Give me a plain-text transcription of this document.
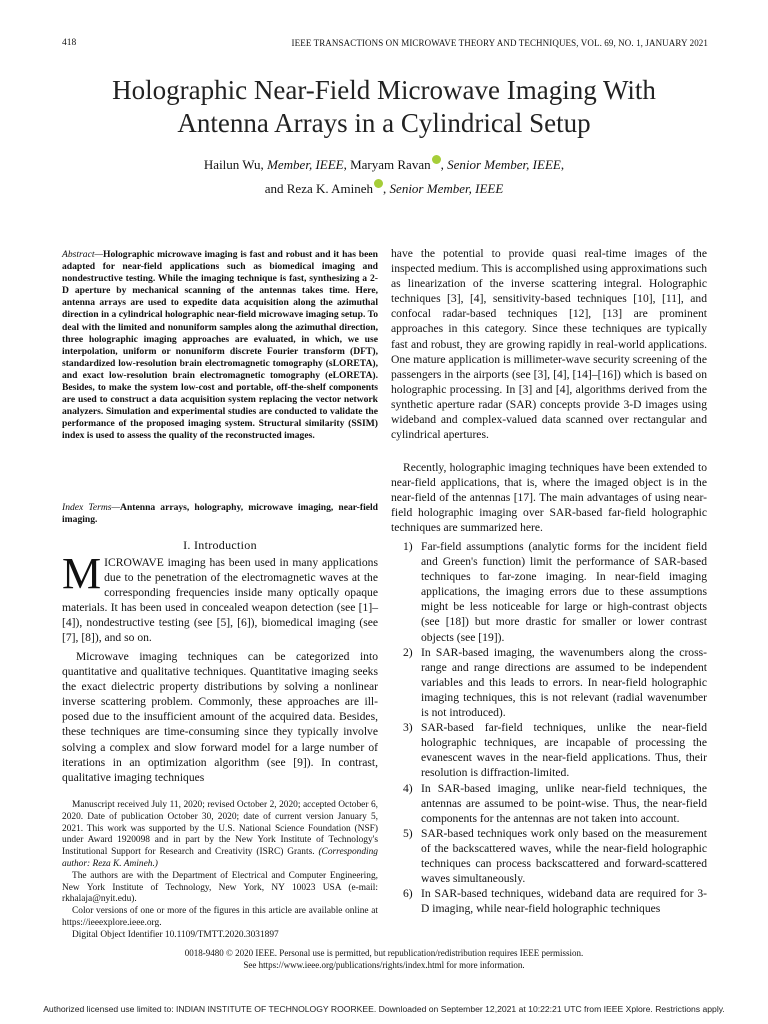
418	IEEE TRANSACTIONS ON MICROWAVE THEORY AND TECHNIQUES, VOL. 69, NO. 1, JANUARY 2021
Holographic Near-Field Microwave Imaging With
Antenna Arrays in a Cylindrical Setup
Hailun Wu, Member, IEEE, Maryam Ravan , Senior Member, IEEE,
and Reza K. Amineh , Senior Member, IEEE
Abstract—Holographic microwave imaging is fast and robust and it has been adapted for near-field applications such as biomedical imaging and nondestructive testing. While the imaging technique is fast, synthesizing a 2-D aperture by mechanical scanning of the antennas takes time. Here, antenna arrays are used to expedite data acquisition along the azimuthal direction in a cylindrical holographic near-field microwave imaging setup. To deal with the limited and nonuniform samples along the azimuthal direction, three holographic imaging approaches are evaluated, in which, we use interpolation, uniform or nonuniform discrete Fourier transform (DFT), standardized low-resolution brain electromagnetic tomography (sLORETA), and exact low-resolution brain electromagnetic tomography (eLORETA). Besides, to make the system low-cost and portable, off-the-shelf components are used to construct a data acquisition system replacing the vector network analyzers. Simulation and experimental studies are conducted to validate the performance of the proposed imaging system. Structural similarity (SSIM) index is used to assess the quality of the reconstructed images.
Index Terms—Antenna arrays, holography, microwave imaging, near-field imaging.
I. Introduction
MICROWAVE imaging has been used in many applications due to the penetration of the electromagnetic waves at the corresponding frequencies inside many optically opaque materials. It has been used in concealed weapon detection (see [1]–[4]), nondestructive testing (see [5], [6]), biomedical imaging (see [7], [8]), and so on.
Microwave imaging techniques can be categorized into quantitative and qualitative techniques. Quantitative imaging seeks the exact dielectric property distributions by solving a nonlinear inverse scattering problem. Commonly, these approaches are ill-posed due to the insufficient amount of the acquired data. Besides, these techniques are time-consuming since they typically involve solving a complex and slow forward model for a large number of iterations in an optimization algorithm (see [9]). In contrast, qualitative imaging techniques

Manuscript received July 11, 2020; revised October 2, 2020; accepted October 6, 2020. Date of publication October 30, 2020; date of current version January 5, 2021. This work was supported by the U.S. National Science Foundation (NSF) under Award 1920098 and in part by the New York Institute of Technology's Institutional Support for Research and Creativity (ISRC) Grants. (Corresponding author: Reza K. Amineh.)

The authors are with the Department of Electrical and Computer Engineering, New York Institute of Technology, New York, NY 10023 USA (e-mail: rkhalaja@nyit.edu).

Color versions of one or more of the figures in this article are available online at https://ieeexplore.ieee.org.

Digital Object Identifier 10.1109/TMTT.2020.3031897

have the potential to provide quasi real-time images of the inspected medium. This is accomplished using approximations such as linearization of the inverse scattering integral. Holographic techniques [3], [4], sensitivity-based techniques [10], [11], and confocal radar-based techniques [12], [13] are prominent approaches in this category. Since these techniques are typically fast and robust, they are growing rapidly in real-world applications. One mature application is millimeter-wave security screening of the passengers in the airports (see [3], [4], [14]–[16]) which is based on holographic processing. In [3] and [4], algorithms derived from the synthetic aperture radar (SAR) concepts provide 3-D images using wideband and complex-valued data scanned over rectangular and cylindrical apertures.
Recently, holographic imaging techniques have been extended to near-field applications, that is, where the imaged object is in the near-field of the antennas [17]. The main advantages of using near-field holographic imaging over SAR-based far-field holographic techniques are summarized here.

1) Far-field assumptions (analytic forms for the incident field and Green's function) limit the performance of SAR-based techniques to far-zone imaging. In near-field imaging applications, the imaging errors due to these assumptions might be less noticeable for large or high-contrast objects (see [18]) but more drastic for smaller or lower contrast objects (see [19]).

2) In SAR-based imaging, the wavenumbers along the cross-range and range directions are assumed to be independent variables and this leads to errors. In near-field holographic imaging techniques, this is not relevant (radial wavenumber is not introduced).

3) SAR-based far-field techniques, unlike the near-field holographic techniques, are incapable of processing the evanescent waves in the near-field applications. Thus, their resolution is diffraction-limited.

4) In SAR-based imaging, unlike near-field techniques, the antennas are assumed to be point-wise. Thus, the near-field components for the antennas are not taken into account.

5) SAR-based techniques work only based on the measurement of the backscattered waves, while the near-field holographic techniques can process backscattered and forward-scattered waves simultaneously.

6) In SAR-based techniques, wideband data are required for 3-D imaging, while near-field holographic techniques

0018-9480 © 2020 IEEE. Personal use is permitted, but republication/redistribution requires IEEE permission.
See https://www.ieee.org/publications/rights/index.html for more information.
Authorized licensed use limited to: INDIAN INSTITUTE OF TECHNOLOGY ROORKEE. Downloaded on September 12,2021 at 10:22:21 UTC from IEEE Xplore. Restrictions apply.
